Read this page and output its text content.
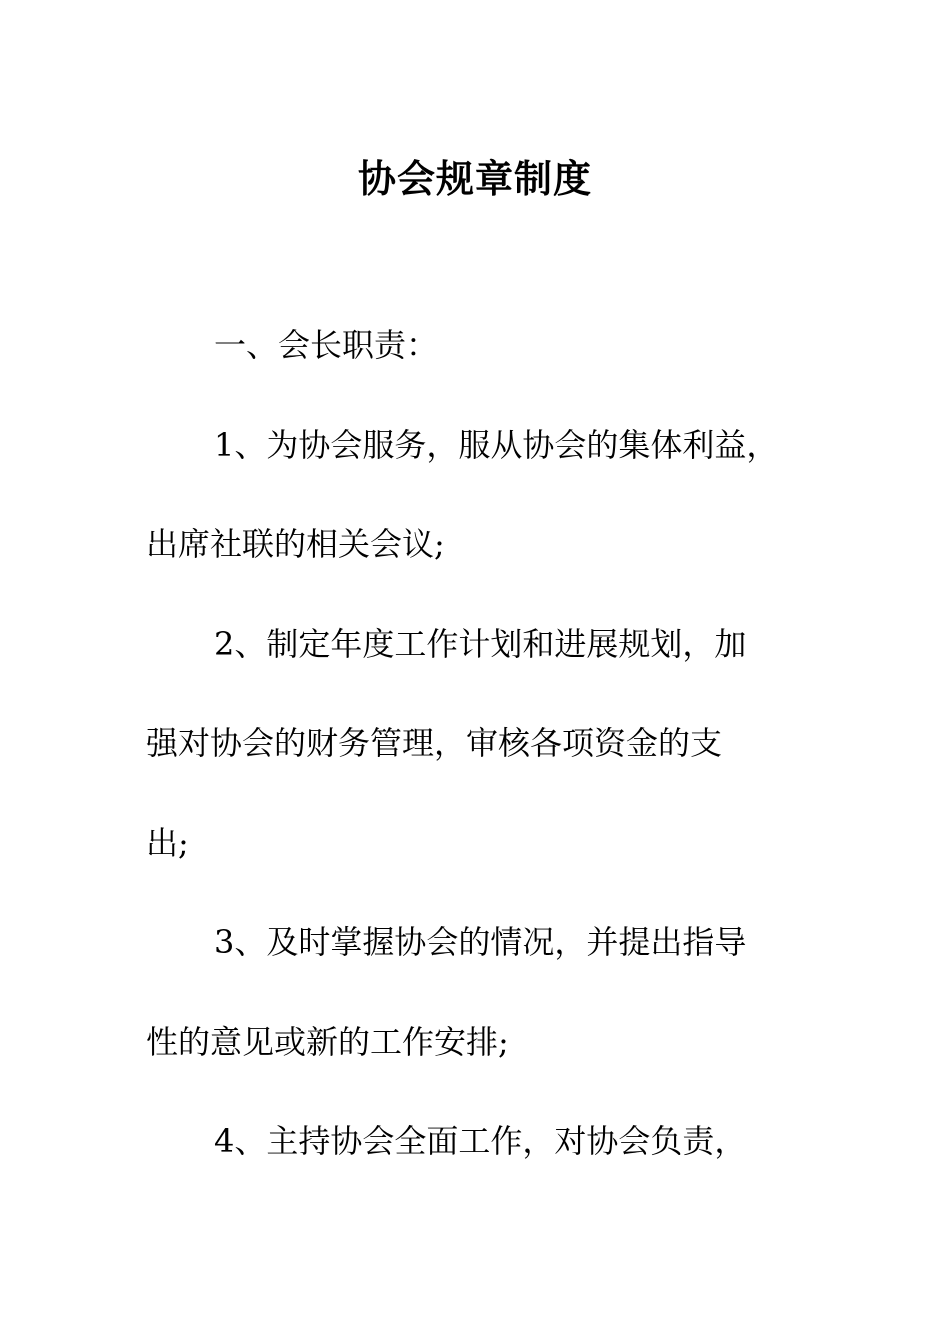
协会规章制度

一、会长职责：

1、为协会服务，服从协会的集体利益，
出席社联的相关会议;

2、制定年度工作计划和进展规划，加
强对协会的财务管理，审核各项资金的支
出;

3、及时掌握协会的情况，并提出指导
性的意见或新的工作安排;

4、主持协会全面工作，对协会负责，
